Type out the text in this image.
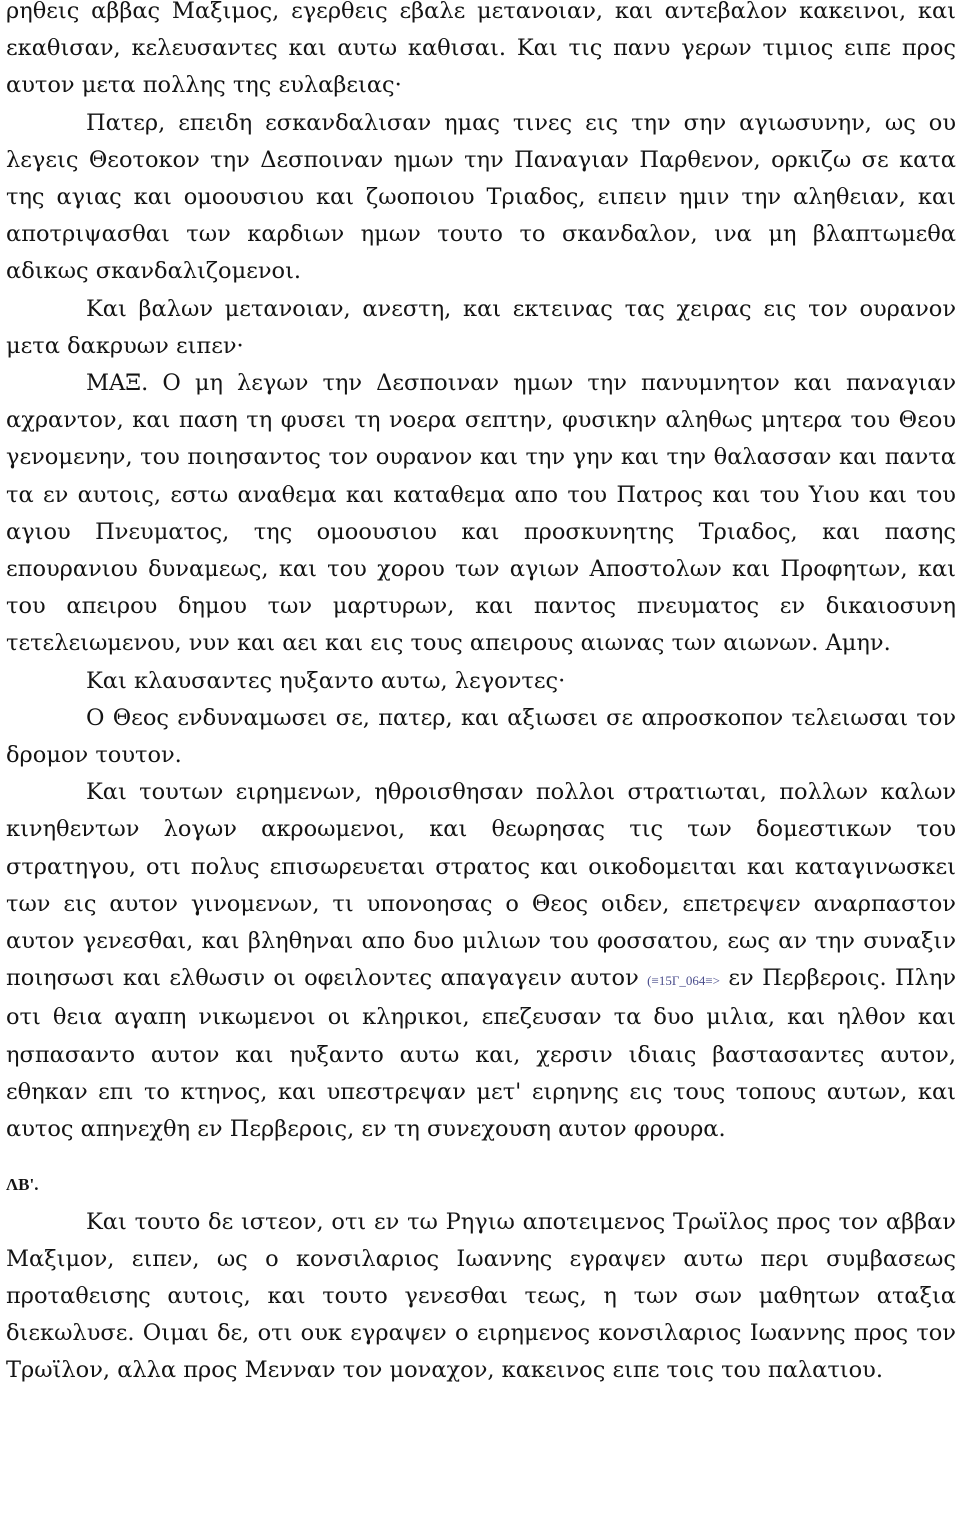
ρηθεις αββας Μαξιμος, εγερθεις εβαλε μετανοιαν, και αντεβαλον κακεινοι, και εκαθισαν, κελευσαντες και αυτω καθισαι. Και τις πανυ γερων τιμιος ειπε προς αυτον μετα πολλης της ευλαβειας·

Πατερ, επειδη εσκανδαλισαν ημας τινες εις την σην αγιωσυνην, ως ου λεγεις Θεοτοκον την Δεσποιναν ημων την Παναγιαν Παρθενον, ορκιζω σε κατα της αγιας και ομοουσιου και ζωοποιου Τριαδος, ειπειν ημιν την αληθειαν, και αποτριψασθαι των καρδιων ημων τουτο το σκανδαλον, ινα μη βλαπτωμεθα αδικως σκανδαλιζομενοι.

Και βαλων μετανοιαν, ανεστη, και εκτεινας τας χειρας εις τον ουρανον μετα δακρυων ειπεν·

ΜΑΞ. Ο μη λεγων την Δεσποιναν ημων την πανυμνητον και παναγιαν αχραντον, και παση τη φυσει τη νοερα σεπτην, φυσικην αληθως μητερα του Θεου γενομενην, του ποιησαντος τον ουρανον και την γην και την θαλασσαν και παντα τα εν αυτοις, εστω αναθεμα και καταθεμα απο του Πατρος και του Υιου και του αγιου Πνευματος, της ομοουσιου και προσκυνητης Τριαδος, και πασης επουρανιου δυναμεως, και του χορου των αγιων Αποστολων και Προφητων, και του απειρου δημου των μαρτυρων, και παντος πνευματος εν δικαιοσυνη τετελειωμενου, νυν και αει και εις τους απειρους αιωνας των αιωνων. Αμην.

Και κλαυσαντες ηυξαντο αυτω, λεγοντες·

Ο Θεος ενδυναμωσει σε, πατερ, και αξιωσει σε απροσκοπον τελειωσαι τον δρομον τουτον.

Και τουτων ειρημενων, ηθροισθησαν πολλοι στρατιωται, πολλων καλων κινηθεντων λογων ακροωμενοι, και θεωρησας τις των δομεστικων του στρατηγου, οτι πολυς επισωρευεται στρατος και οικοδομειται και καταγινωσκει των εις αυτον γινομενων, τι υπονοησας ο Θεος οιδεν, επετρεψεν αναρπαστον αυτον γενεσθαι, και βληθηναι απο δυο μιλιων του φοσσατου, εως αν την συναξιν ποιησωσι και ελθωσιν οι οφειλοντες απαγαγειν αυτον (≡15Γ_064≡> εν Περβεροις. Πλην οτι θεια αγαπη νικωμενοι οι κληρικοι, επεζευσαν τα δυο μιλια, και ηλθον και ησπασαντο αυτον και ηυξαντο αυτω και, χερσιν ιδιαις βαστασαντες αυτον, εθηκαν επι το κτηνος, και υπεστρεψαν μετ' ειρηνης εις τους τοπους αυτων, και αυτος απηνεχθη εν Περβεροις, εν τη συνεχουση αυτον φρουρα.

ΛΒ'.

Και τουτο δε ιστεον, οτι εν τω Ρηγιω αποτειμενος Τρωϊλος προς τον αββαν Μαξιμον, ειπεν, ως ο κονσιλαριος Ιωαννης εγραψεν αυτω περι συμβασεως προταθεισης αυτοις, και τουτο γενεσθαι τεως, η των σων μαθητων αταξια διεκωλυσε. Οιμαι δε, οτι ουκ εγραψεν ο ειρημενος κονσιλαριος Ιωαννης προς τον Τρωϊλον, αλλα προς Μενναν τον μοναχον, κακεινος ειπε τοις του παλατιου.
